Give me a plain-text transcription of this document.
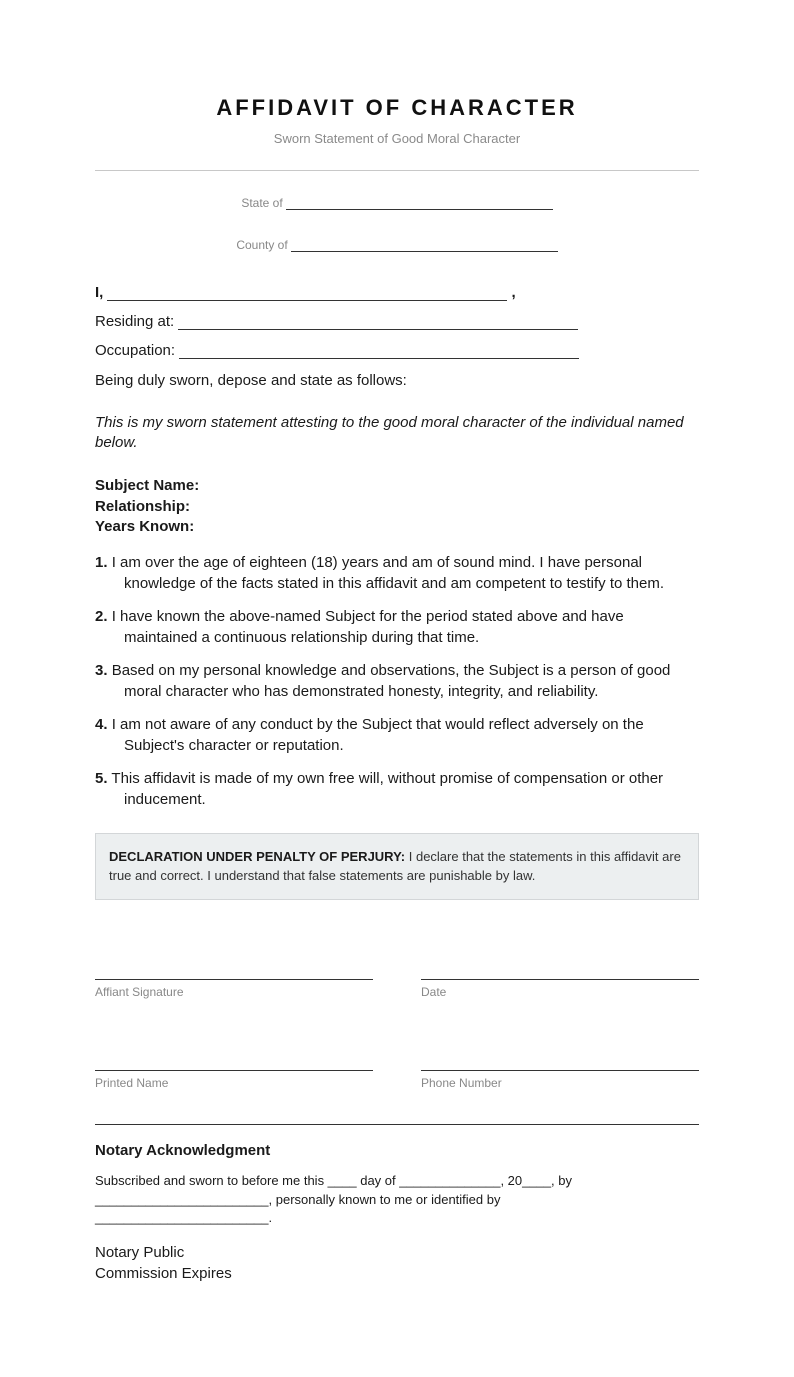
AFFIDAVIT OF CHARACTER
Sworn Statement of Good Moral Character
State of
County of
I,	,
Residing at:
Occupation:
Being duly sworn, depose and state as follows:
This is my sworn statement attesting to the good moral character of the individual named below.
Subject Name:
Relationship:
Years Known:
1. I am over the age of eighteen (18) years and am of sound mind. I have personal knowledge of the facts stated in this affidavit and am competent to testify to them.
2. I have known the above-named Subject for the period stated above and have maintained a continuous relationship during that time.
3. Based on my personal knowledge and observations, the Subject is a person of good moral character who has demonstrated honesty, integrity, and reliability.
4. I am not aware of any conduct by the Subject that would reflect adversely on the Subject's character or reputation.
5. This affidavit is made of my own free will, without promise of compensation or other inducement.
DECLARATION UNDER PENALTY OF PERJURY: I declare that the statements in this affidavit are true and correct. I understand that false statements are punishable by law.
Affiant Signature	Date
Printed Name	Phone Number
Notary Acknowledgment
Subscribed and sworn to before me this ____ day of ______________, 20____, by ________________________, personally known to me or identified by ________________________.
Notary Public
Commission Expires
